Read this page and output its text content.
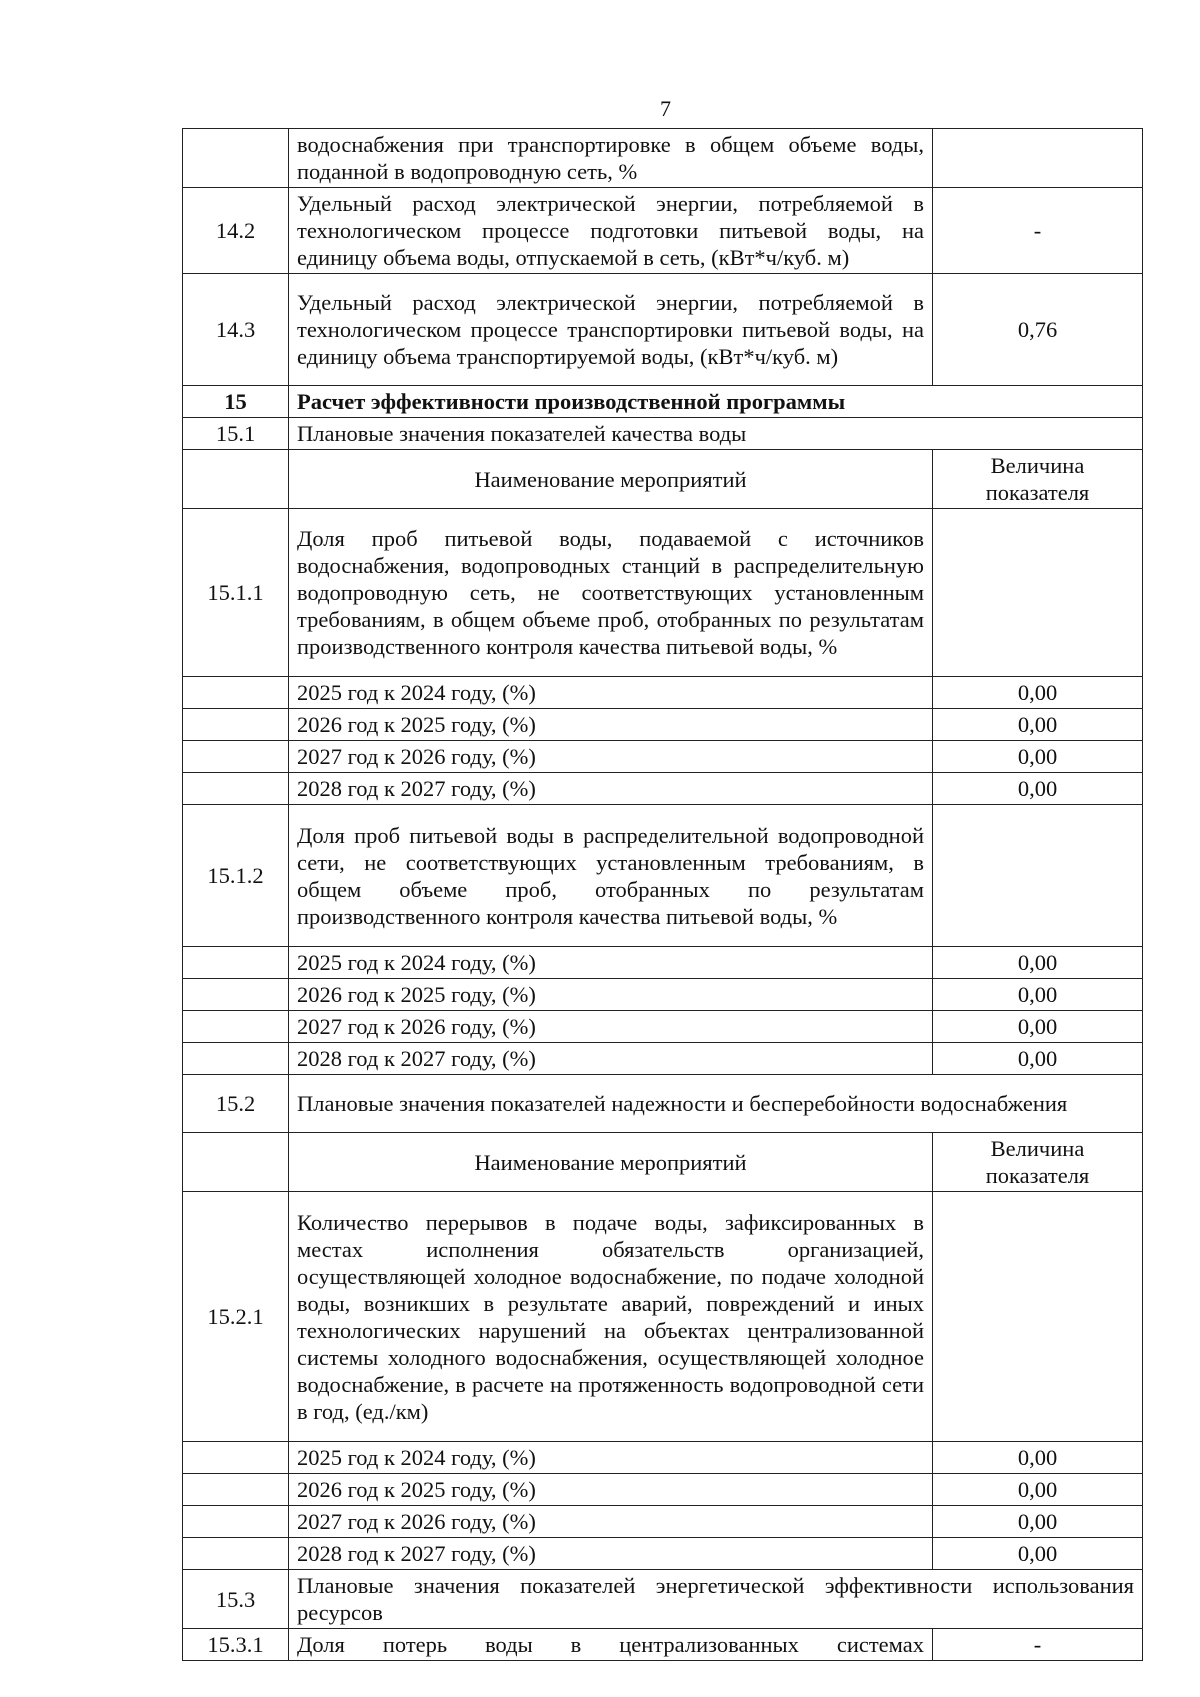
7
	водоснабжения при транспортировке в общем объеме воды, поданной в водопроводную сеть, %	
14.2	Удельный расход электрической энергии, потребляемой в технологическом процессе подготовки питьевой воды, на единицу объема воды, отпускаемой в сеть, (кВт*ч/куб. м)	-
14.3	Удельный расход электрической энергии, потребляемой в технологическом процессе транспортировки питьевой воды, на единицу объема транспортируемой воды, (кВт*ч/куб. м)	0,76
15	Расчет эффективности производственной программы	
15.1	Плановые значения показателей качества воды	
	Наименование мероприятий	Величина показателя
15.1.1	Доля проб питьевой воды, подаваемой с источников водоснабжения, водопроводных станций в распределительную водопроводную сеть, не соответствующих установленным требованиям, в общем объеме проб, отобранных по результатам производственного контроля качества питьевой воды, %	
	2025 год к 2024 году, (%)	0,00
	2026 год к 2025 году, (%)	0,00
	2027 год к 2026 году, (%)	0,00
	2028 год к 2027 году, (%)	0,00
15.1.2	Доля проб питьевой воды в распределительной водопроводной сети, не соответствующих установленным требованиям, в общем объеме проб, отобранных по результатам производственного контроля качества питьевой воды, %	
	2025 год к 2024 году, (%)	0,00
	2026 год к 2025 году, (%)	0,00
	2027 год к 2026 году, (%)	0,00
	2028 год к 2027 году, (%)	0,00
15.2	Плановые значения показателей надежности и бесперебойности водоснабжения	
	Наименование мероприятий	Величина показателя
15.2.1	Количество перерывов в подаче воды, зафиксированных в местах исполнения обязательств организацией, осуществляющей холодное водоснабжение, по подаче холодной воды, возникших в результате аварий, повреждений и иных технологических нарушений на объектах централизованной системы холодного водоснабжения, осуществляющей холодное водоснабжение, в расчете на протяженность водопроводной сети в год, (ед./км)	
	2025 год к 2024 году, (%)	0,00
	2026 год к 2025 году, (%)	0,00
	2027 год к 2026 году, (%)	0,00
	2028 год к 2027 году, (%)	0,00
15.3	Плановые значения показателей энергетической эффективности использования ресурсов	
15.3.1	Доля потерь воды в централизованных системах	-
